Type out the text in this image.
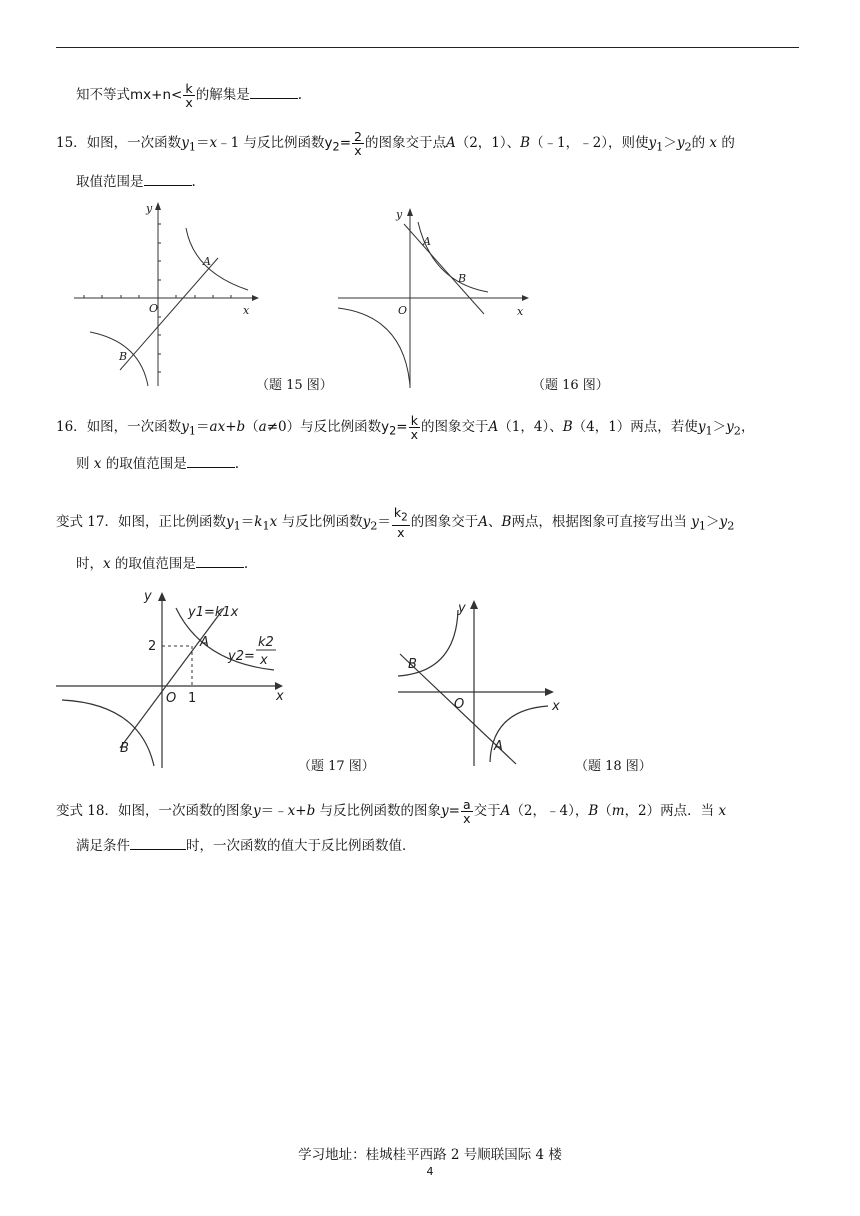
知不等式$mx+n< \frac{k}{x}$ 的解集是	.
15．如图，一次函数$y_1=x﹣1$ 与反比例函数$y_2= \frac{2}{x}$ 的图象交于点A（2，1）、B（﹣1，﹣2），则使$y_1>y_2$的 x 的
取值范围是	.
O	x
y
A
B
（题 15 图）
O	x
y
A
B
（题 16 图）
16．如图，一次函数$y_1=ax+b(a\ne 0)$与反比例函数$y_2= \frac{k}{x}$ 的图象交于A（1，4）、B（4，1）两点，若使$y_1>y_2$，
则 x 的取值范围是	.
变式 17．如图，正比例函数$y_1=k_1x$ 与反比例函数$y_2= \frac{k_2}{x}$ 的图象交于A、B两点，根据图象可直接写出当 $y_1>y_2$
时，x 的取值范围是	.
O	x
y
A
B
2
1
y1=k1x
y2=
k2
x
（题 17 图）
O	x
y
A
B
（题 18 图）
变式 18．如图，一次函数的图象y＝﹣x+b 与反比例函数的图象$y= \frac{a}{x}$ 交于A（2，﹣4），B（m，2）两点．当 x
满足条件	时，一次函数的值大于反比例函数值．
学习地址：桂城桂平西路 2 号顺联国际 4 楼
4
